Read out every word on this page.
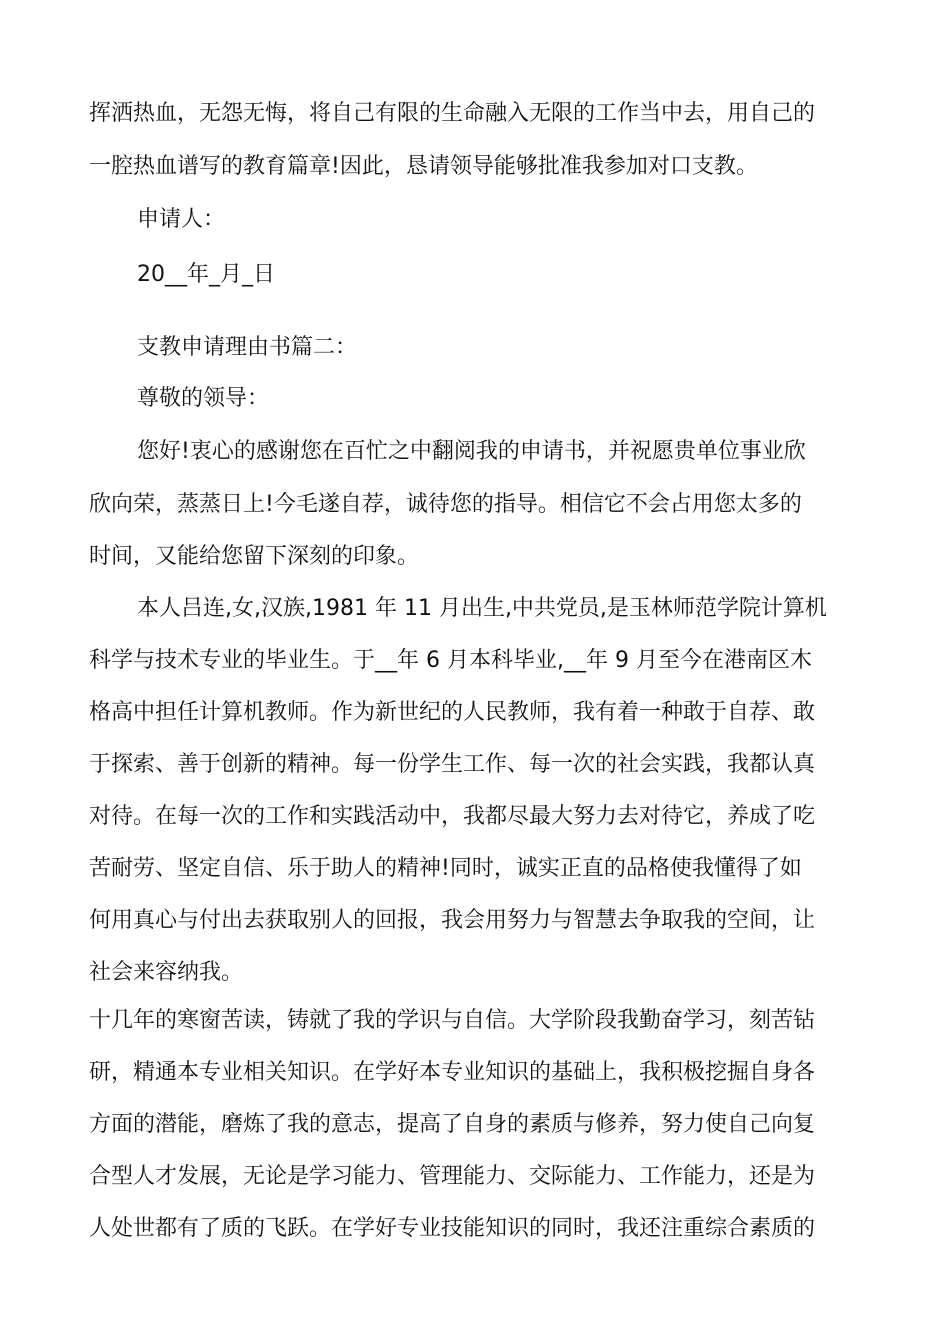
挥洒热血，无怨无悔，将自己有限的生命融入无限的工作当中去，用自己的
一腔热血谱写的教育篇章!因此，恳请领导能够批准我参加对口支教。
申请人：
20__年_月_日
支教申请理由书篇二：
尊敬的领导：
您好!衷心的感谢您在百忙之中翻阅我的申请书，并祝愿贵单位事业欣
欣向荣，蒸蒸日上!今毛遂自荐，诚待您的指导。相信它不会占用您太多的
时间，又能给您留下深刻的印象。
本人吕连,女,汉族,1981 年 11 月出生,中共党员,是玉林师范学院计算机
科学与技术专业的毕业生。于__年 6 月本科毕业,__年 9 月至今在港南区木
格高中担任计算机教师。作为新世纪的人民教师，我有着一种敢于自荐、敢
于探索、善于创新的精神。每一份学生工作、每一次的社会实践，我都认真
对待。在每一次的工作和实践活动中，我都尽最大努力去对待它，养成了吃
苦耐劳、坚定自信、乐于助人的精神!同时，诚实正直的品格使我懂得了如
何用真心与付出去获取别人的回报，我会用努力与智慧去争取我的空间，让
社会来容纳我。
十几年的寒窗苦读，铸就了我的学识与自信。大学阶段我勤奋学习，刻苦钻
研，精通本专业相关知识。在学好本专业知识的基础上，我积极挖掘自身各
方面的潜能，磨炼了我的意志，提高了自身的素质与修养，努力使自己向复
合型人才发展，无论是学习能力、管理能力、交际能力、工作能力，还是为
人处世都有了质的飞跃。在学好专业技能知识的同时，我还注重综合素质的
